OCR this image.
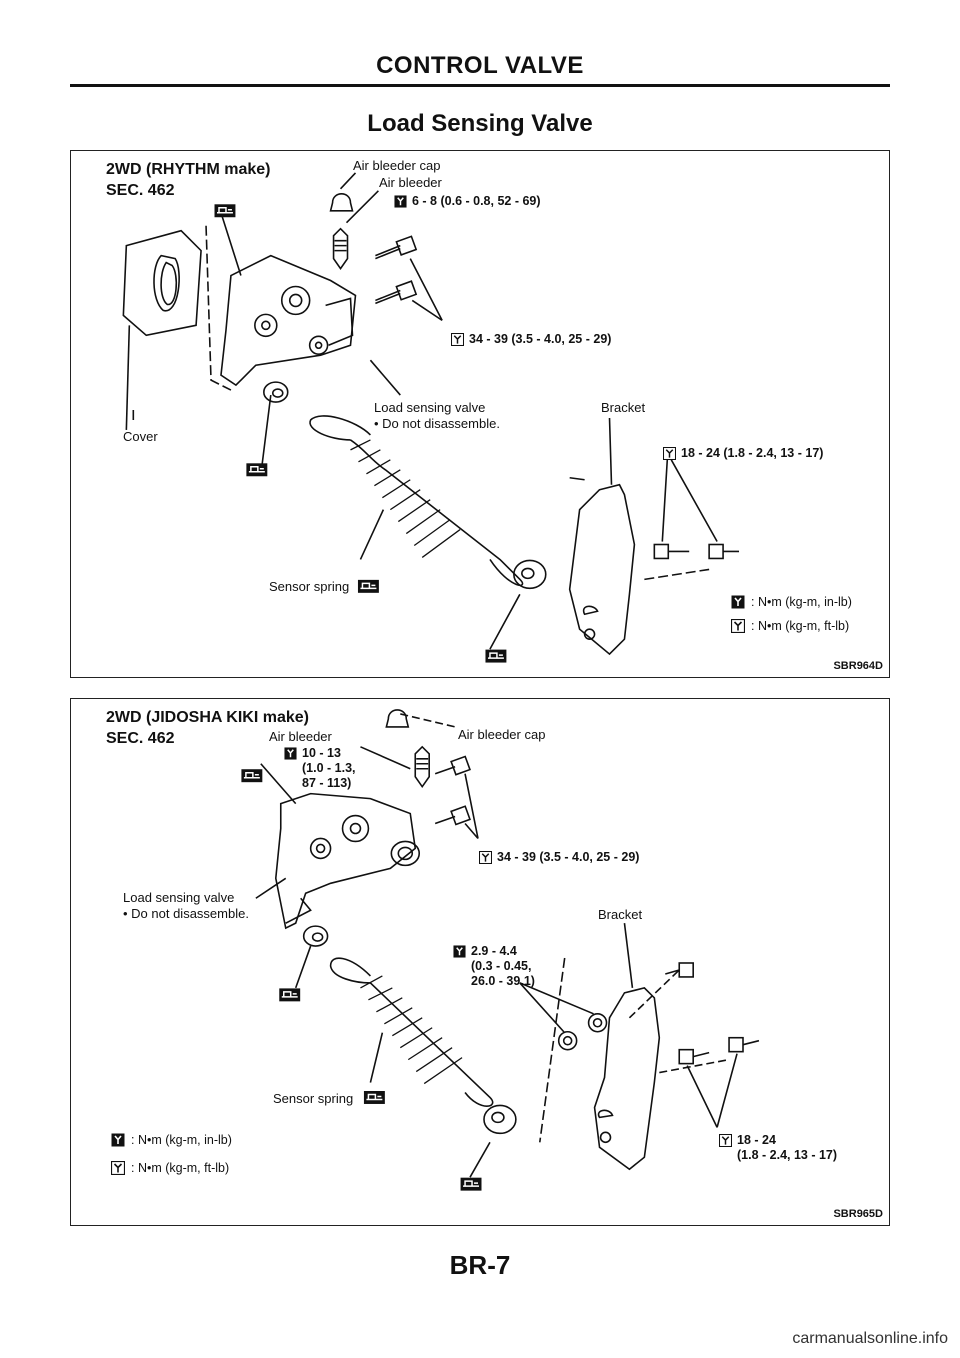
CONTROL VALVE
Load Sensing Valve
2WD (RHYTHM make)
SEC. 462
Air bleeder cap
Air bleeder
6 - 8 (0.6 - 0.8, 52 - 69)
34 - 39 (3.5 - 4.0, 25 - 29)
Load sensing valve
• Do not disassemble.
Bracket
Cover
18 - 24 (1.8 - 2.4, 13 - 17)
Sensor spring
: N•m (kg-m, in-lb)
: N•m (kg-m, ft-lb)
SBR964D
2WD (JIDOSHA KIKI make)
SEC. 462	Air bleeder	Air bleeder cap
10 - 13
(1.0 - 1.3,
87 - 113)
34 - 39 (3.5 - 4.0, 25 - 29)
Load sensing valve
• Do not disassemble.	Bracket
2.9 - 4.4
(0.3 - 0.45,
26.0 - 39.1)
Sensor spring
: N•m (kg-m, in-lb)
: N•m (kg-m, ft-lb)
18 - 24
(1.8 - 2.4, 13 - 17)
SBR965D
BR-7
carmanualsonline.info
